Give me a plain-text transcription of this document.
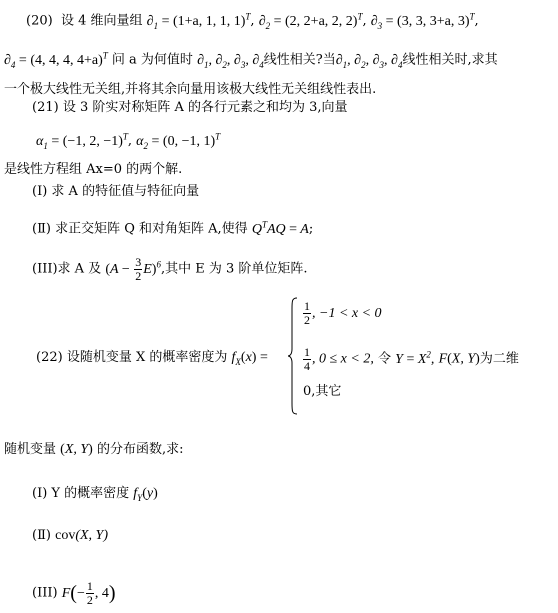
(20) 设 4 维向量组 $\partial_1 = (1+a$, 1, 1, 1)$^T$, $\partial_2 = (2$, 2+a, 2, 2)$^T$, $\partial_3 = (3$, 3, 3+a, 3)$^T$,
$\partial_4 = (4$, 4, 4, 4+a)$^T$ 问 a 为何值时 $\partial_1$, $\partial_2$, $\partial_3$, $\partial_4$线性相关?当$\partial_1$, $\partial_2$, $\partial_3$, $\partial_4$线性相关时,求其
一个极大线性无关组,并将其余向量用该极大线性无关组线性表出.
(21) 设 3 阶实对称矩阵 A 的各行元素之和均为 3,向量
$\alpha_1 = (-1$, 2, −1)$^T$, $\alpha_2 = (0$, −1, 1)$^T$
是线性方程组 Ax=0 的两个解.
(Ⅰ) 求 A 的特征值与特征向量
(Ⅱ) 求正交矩阵 Q 和对角矩阵 A,使得 $Q^TAQ = A$;
(III)求 A 及 $(A - \frac{3}{2} E)^6$,其中 E 为 3 阶单位矩阵.
(22) 设随机变量 X 的概率密度为 $f_X(x)$ =
$\frac{1}{2}$ , −1 < x < 0
$\frac{1}{4}$ , 0 ≤ x < 2, 令 $Y = X^2$, F(X, Y)为二维
0,其它
随机变量 (X, Y) 的分布函数,求:
(Ⅰ) Y 的概率密度 $f_Y(y)$
(Ⅱ) cov(X, Y)
(III) $F(- \frac{1}{2}$ , 4)
